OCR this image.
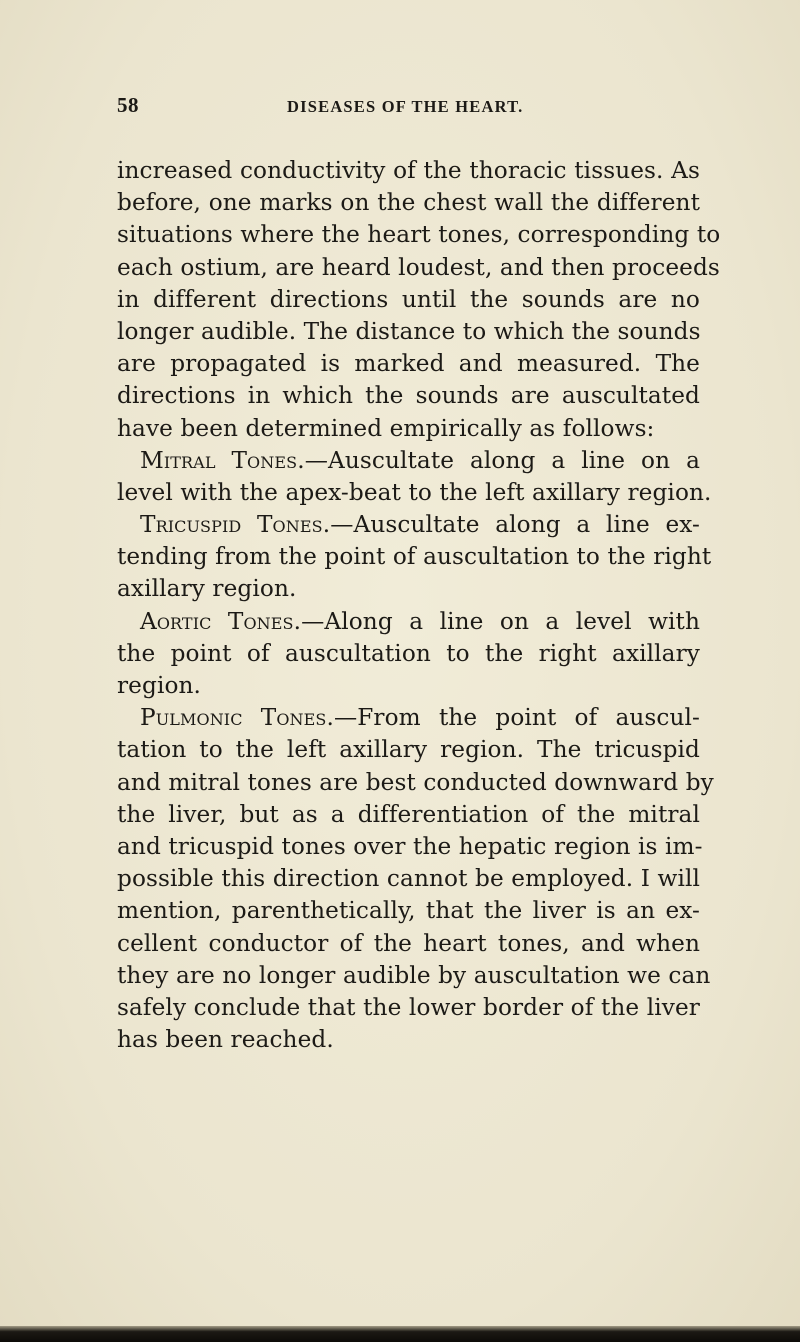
58	DISEASES OF THE HEART.
increased conductivity of the thoracic tissues. As
before, one marks on the chest wall the different
situations where the heart tones, corresponding to
each ostium, are heard loudest, and then proceeds
in different directions until the sounds are no
longer audible. The distance to which the sounds
are propagated is marked and measured. The
directions in which the sounds are auscultated
have been determined empirically as follows:
Mitral Tones.—Auscultate along a line on a
level with the apex-beat to the left axillary region.
Tricuspid Tones.—Auscultate along a line ex-
tending from the point of auscultation to the right
axillary region.
Aortic Tones.—Along a line on a level with
the point of auscultation to the right axillary
region.
Pulmonic Tones.—From the point of auscul-
tation to the left axillary region. The tricuspid
and mitral tones are best conducted downward by
the liver, but as a differentiation of the mitral
and tricuspid tones over the hepatic region is im-
possible this direction cannot be employed. I will
mention, parenthetically, that the liver is an ex-
cellent conductor of the heart tones, and when
they are no longer audible by auscultation we can
safely conclude that the lower border of the liver
has been reached.
